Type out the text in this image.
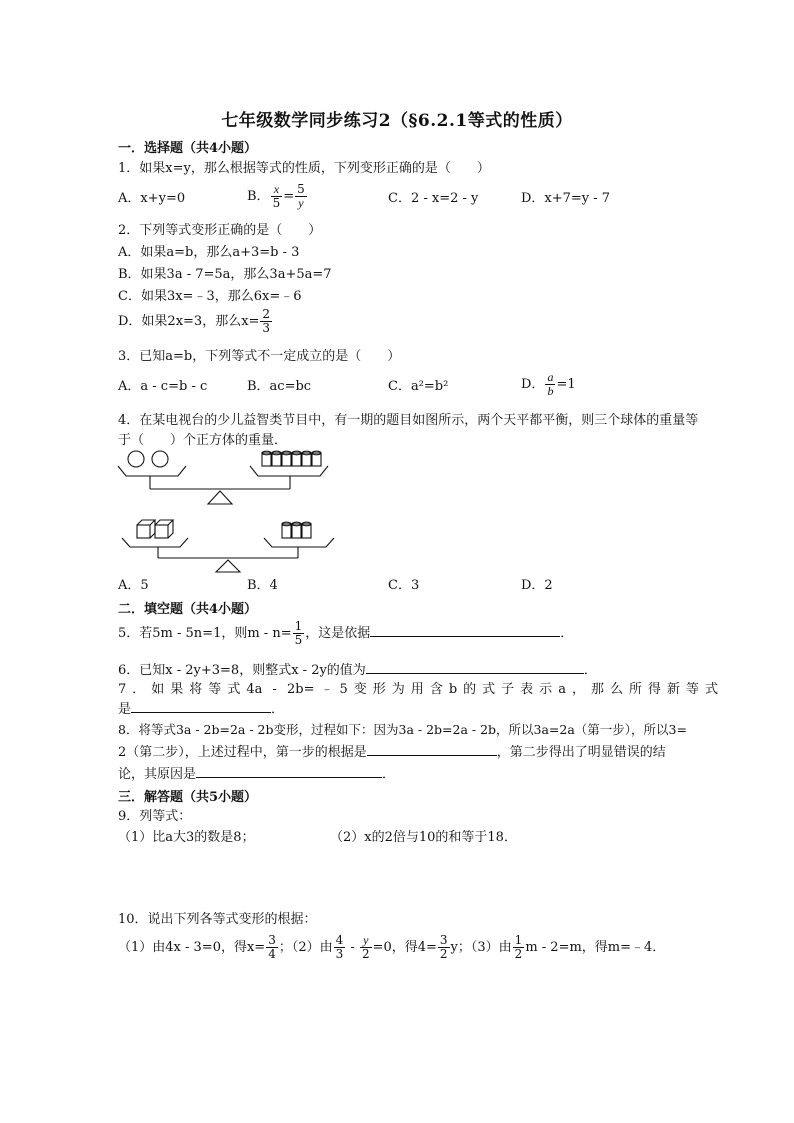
七年级数学同步练习2（§6.2.1等式的性质）
一．选择题（共4小题）
1．如果x=y，那么根据等式的性质，下列变形正确的是（　　）
A．x+y=0	B． $\frac{x}{5} = \frac{5}{y}$	C．2 - x=2 - y	D．x+7=y - 7
2．下列等式变形正确的是（　　）
A．如果a=b，那么a+3=b - 3
B．如果3a - 7=5a，那么3a+5a=7
C．如果3x=﹣3，那么6x=﹣6
D．如果2x=3，那么$x= \frac{2}{3}$
3．已知a=b，下列等式不一定成立的是（　　）
A．a - c=b - c	B．ac=bc	C．a²=b²	D． $\frac{a}{b} =1$
4．在某电视台的少儿益智类节目中，有一期的题目如图所示，两个天平都平衡，则三个球体的重量等
于（　　）个正方体的重量．
A．5	B．4	C．3	D．2
二．填空题（共4小题）
5．若5m - 5n=1，则$m - n= \frac{1}{5}$ ，这是依据	．
6．已知x - 2y+3=8，则整式x - 2y的值为	．
7．如果将等式4a - 2b=﹣5变形为用含b的式子表示a，那么所得新等式
是	．
8．将等式3a - 2b=2a - 2b变形，过程如下：因为3a - 2b=2a - 2b，所以3a=2a（第一步），所以3=
2（第二步），上述过程中，第一步的根据是	，第二步得出了明显错误的结
论，其原因是	．
三．解答题（共5小题）
9．列等式：
（1）比a大3的数是8；	（2）x的2倍与10的和等于18．
10．说出下列各等式变形的根据：
（1）由4x - 3=0，得$x= \frac{3}{4}$ ；（2）由 $\frac{4}{3} - \frac{y}{2} =0$，得$4= \frac{3}{2}$ y；（3）由 $\frac{1}{2}$ m - 2=m，得m=﹣4．
